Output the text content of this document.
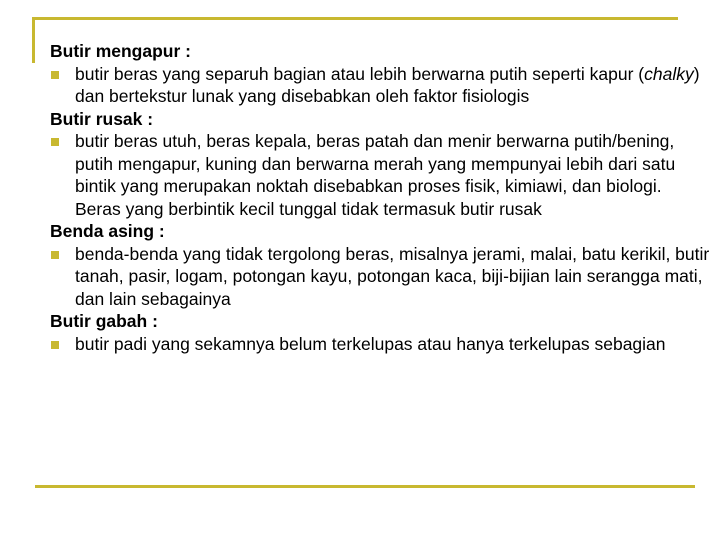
Butir mengapur :
butir beras yang separuh bagian atau lebih berwarna putih seperti kapur (chalky) dan bertekstur lunak yang disebabkan oleh faktor fisiologis
Butir rusak :
butir beras utuh, beras kepala, beras patah dan menir berwarna putih/bening, putih mengapur, kuning dan berwarna merah yang mempunyai lebih dari satu bintik yang merupakan noktah disebabkan proses fisik, kimiawi, dan biologi. Beras yang berbintik kecil tunggal tidak termasuk butir rusak
Benda asing :
benda-benda yang tidak tergolong beras, misalnya jerami, malai, batu kerikil, butir tanah, pasir, logam, potongan kayu, potongan kaca, biji-bijian lain serangga mati, dan lain sebagainya
Butir gabah :
butir padi yang sekamnya belum terkelupas atau hanya terkelupas sebagian
